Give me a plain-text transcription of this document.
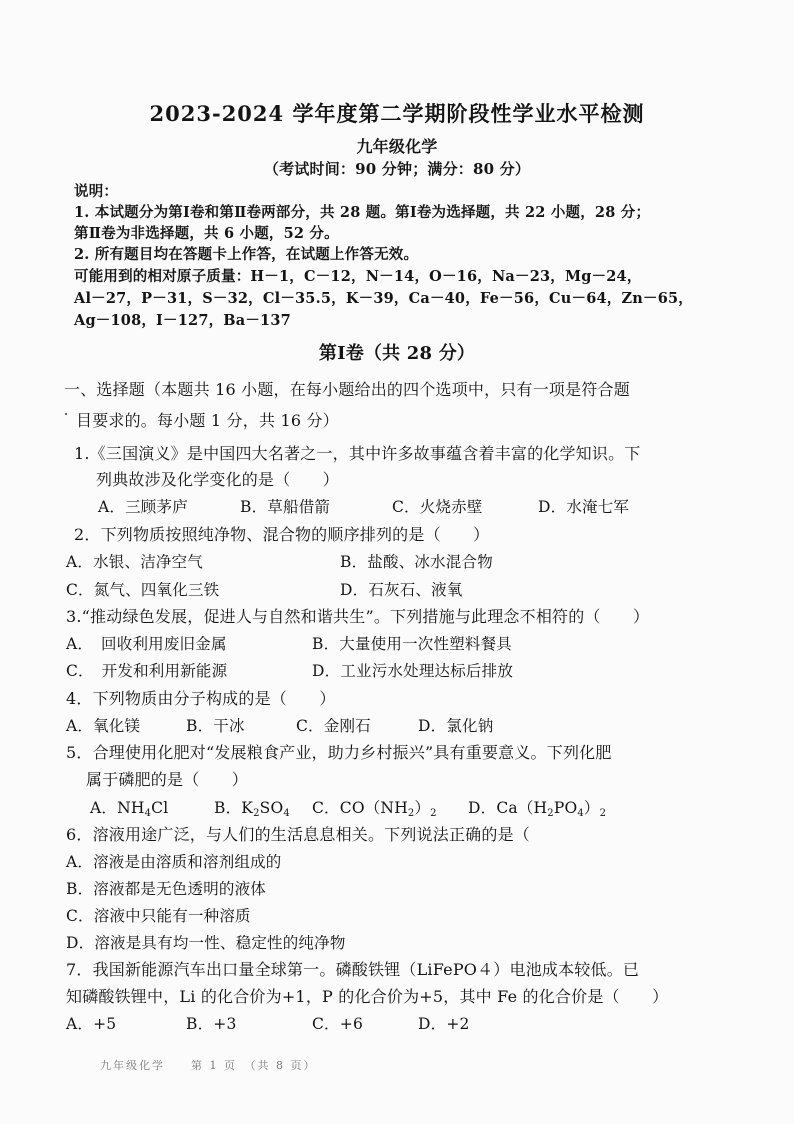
2023-2024 学年度第二学期阶段性学业水平检测
九年级化学
（考试时间：90 分钟；满分：80 分）
说明：
1. 本试题分为第Ⅰ卷和第Ⅱ卷两部分，共 28 题。第Ⅰ卷为选择题，共 22 小题，28 分；
第Ⅱ卷为非选择题，共 6 小题，52 分。
2. 所有题目均在答题卡上作答，在试题上作答无效。
可能用到的相对原子质量：H－1，C－12，N－14，O－16，Na－23，Mg－24，
Al－27，P－31，S－32，Cl－35.5，K－39，Ca－40，Fe－56，Cu－64，Zn－65，
Ag－108，I－127，Ba－137
第Ⅰ卷（共 28 分）
一、选择题（本题共 16 小题，在每小题给出的四个选项中，只有一项是符合题
目要求的。每小题 1 分，共 16 分）
1.《三国演义》是中国四大名著之一，其中许多故事蕴含着丰富的化学知识。下
列典故涉及化学变化的是（　　）
A．三顾茅庐	B．草船借箭	C．火烧赤壁	D．水淹七军
2．下列物质按照纯净物、混合物的顺序排列的是（　　）
A．水银、洁净空气	B．盐酸、冰水混合物
C．氮气、四氧化三铁	D．石灰石、液氧
3.“推动绿色发展，促进人与自然和谐共生”。下列措施与此理念不相符的（　　）
A．　回收利用废旧金属	B．大量使用一次性塑料餐具
C．　开发和利用新能源	D．工业污水处理达标后排放
4．下列物质由分子构成的是（　　）
A．氧化镁	B．干冰	C．金刚石	D．氯化钠
5．合理使用化肥对“发展粮食产业，助力乡村振兴”具有重要意义。下列化肥
属于磷肥的是（　　）
A．$NH_4Cl$	B．$K_2SO_4$ C．$CO(NH_2)_2$ D．$Ca(H_2PO_4)_2$
6．溶液用途广泛，与人们的生活息息相关。下列说法正确的是（
A．溶液是由溶质和溶剂组成的
B．溶液都是无色透明的液体
C．溶液中只能有一种溶质
D．溶液是具有均一性、稳定性的纯净物
7．我国新能源汽车出口量全球第一。磷酸铁锂（LiFePO４）电池成本较低。已
知磷酸铁锂中，Li 的化合价为+1，P 的化合价为+5，其中 Fe 的化合价是（　　）
A．+5	B．+3	C．+6	D．+2
九年级化学　　第 1 页　（共 8 页）
